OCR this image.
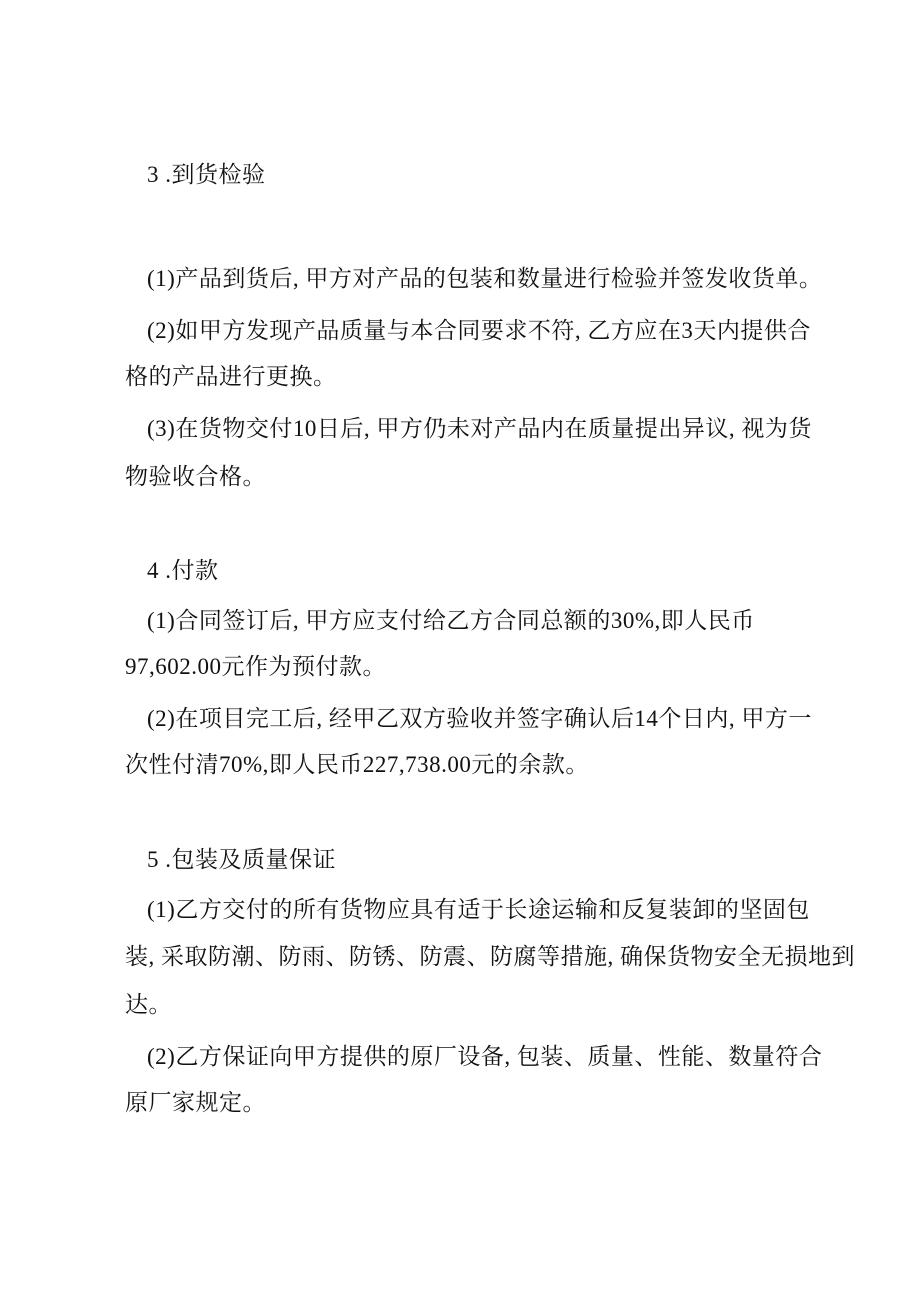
3 .到货检验
(1)产品到货后, 甲方对产品的包装和数量进行检验并签发收货单。
(2)如甲方发现产品质量与本合同要求不符, 乙方应在3天内提供合
格的产品进行更换。
(3)在货物交付10日后, 甲方仍未对产品内在质量提出异议, 视为货
物验收合格。
4 .付款
(1)合同签订后, 甲方应支付给乙方合同总额的30%,即人民币
97,602.00元作为预付款。
(2)在项目完工后, 经甲乙双方验收并签字确认后14个日内, 甲方一
次性付清70%,即人民币227,738.00元的余款。
5 .包装及质量保证
(1)乙方交付的所有货物应具有适于长途运输和反复装卸的坚固包
装, 采取防潮、防雨、防锈、防震、防腐等措施, 确保货物安全无损地到
达。
(2)乙方保证向甲方提供的原厂设备, 包装、质量、性能、数量符合
原厂家规定。
